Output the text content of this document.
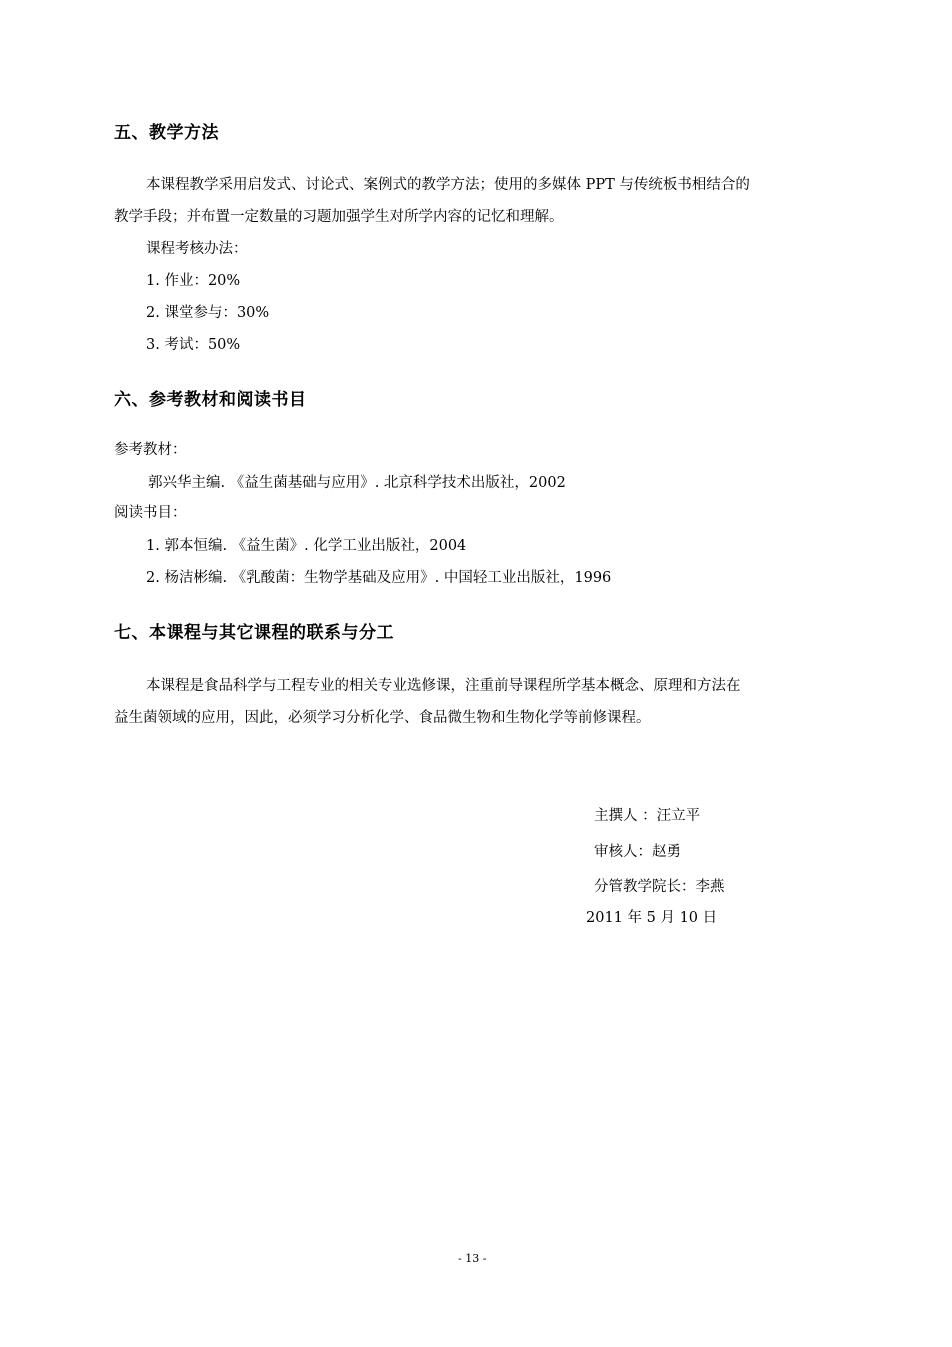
五、教学方法

本课程教学采用启发式、讨论式、案例式的教学方法；使用的多媒体 PPT 与传统板书相结合的

教学手段；并布置一定数量的习题加强学生对所学内容的记忆和理解。

课程考核办法：

1. 作业：20%

2. 课堂参与：30%

3. 考试：50%

六、参考教材和阅读书目

参考教材：

郭兴华主编. 《益生菌基础与应用》. 北京科学技术出版社，2002

阅读书目：

1. 郭本恒编. 《益生菌》. 化学工业出版社，2004

2. 杨洁彬编. 《乳酸菌：生物学基础及应用》. 中国轻工业出版社，1996

七、本课程与其它课程的联系与分工

本课程是食品科学与工程专业的相关专业选修课，注重前导课程所学基本概念、原理和方法在

益生菌领域的应用，因此，必须学习分析化学、食品微生物和生物化学等前修课程。

主撰人 ：汪立平

审核人：赵勇

分管教学院长：李燕

2011 年 5 月 10 日

- 13 -
